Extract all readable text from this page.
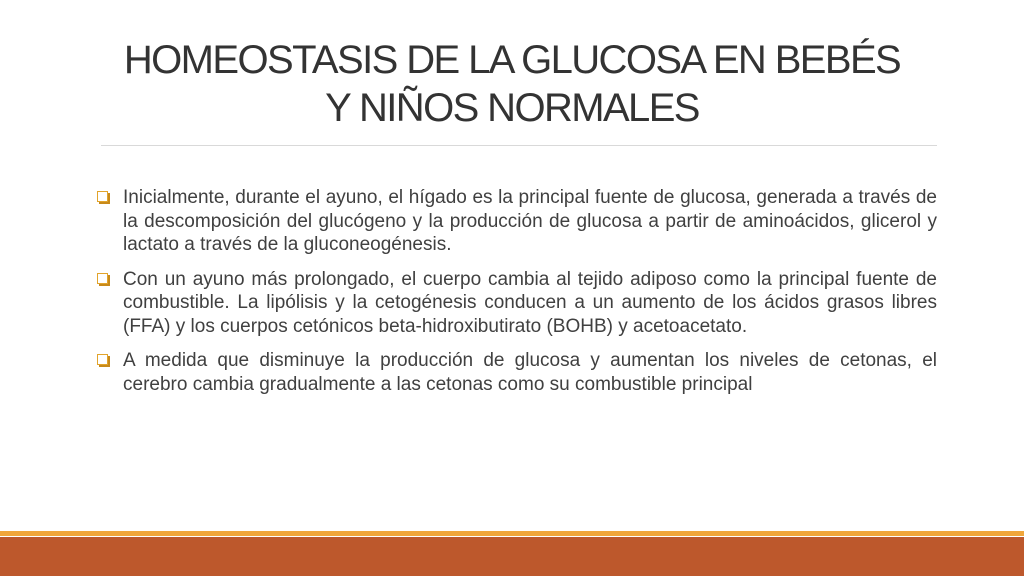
HOMEOSTASIS DE LA GLUCOSA EN BEBÉS
Y NIÑOS NORMALES
Inicialmente, durante el ayuno, el hígado es la principal fuente de glucosa, generada a través de la descomposición del glucógeno y la producción de glucosa a partir de aminoácidos, glicerol y lactato a través de la gluconeogénesis.
Con un ayuno más prolongado, el cuerpo cambia al tejido adiposo como la principal fuente de combustible. La lipólisis y la cetogénesis conducen a un aumento de los ácidos grasos libres (FFA) y los cuerpos cetónicos beta-hidroxibutirato (BOHB) y acetoacetato.
A medida que disminuye la producción de glucosa y aumentan los niveles de cetonas, el cerebro cambia gradualmente a las cetonas como su combustible principal
